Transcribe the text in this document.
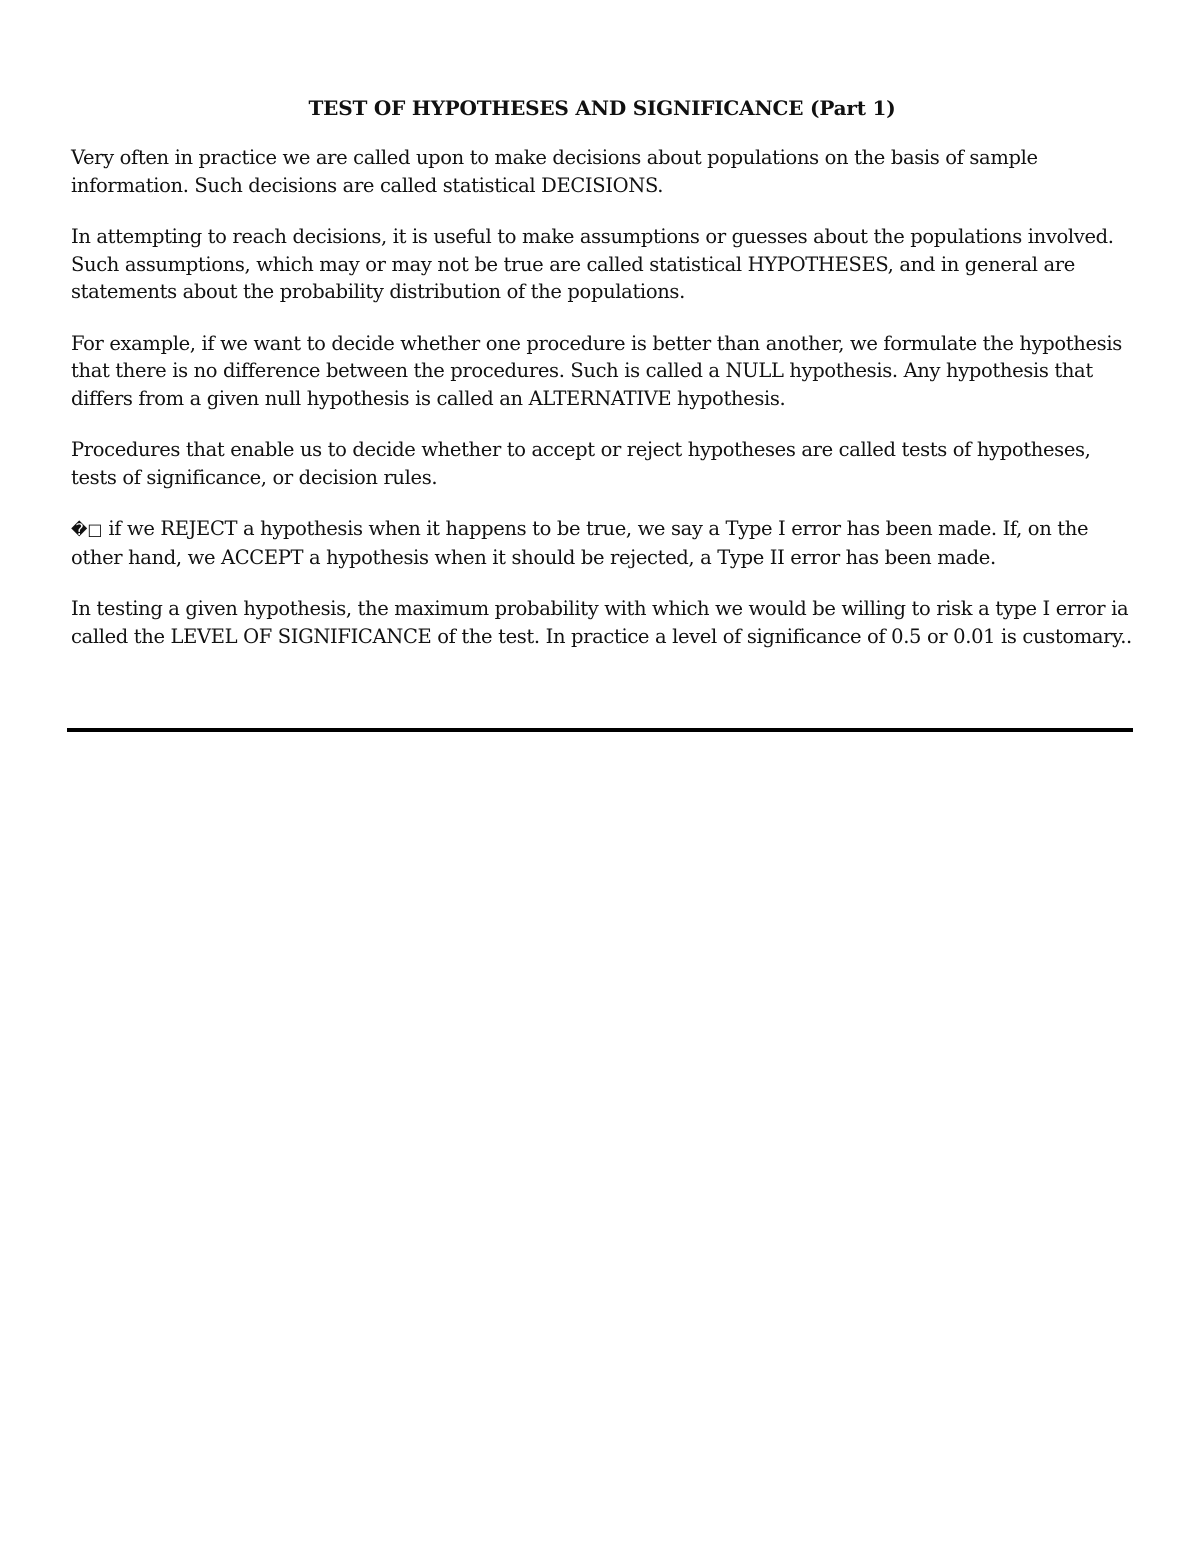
TEST OF HYPOTHESES AND SIGNIFICANCE (Part 1)

Very often in practice we are called upon to make decisions about populations on the basis of sample information. Such decisions are called statistical DECISIONS.

In attempting to reach decisions, it is useful to make assumptions or guesses about the populations involved. Such assumptions, which may or may not be true are called statistical HYPOTHESES, and in general are statements about the probability distribution of the populations.

For example, if we want to decide whether one procedure is better than another, we formulate the hypothesis that there is no difference between the procedures. Such is called a NULL hypothesis. Any hypothesis that differs from a given null hypothesis is called an ALTERNATIVE hypothesis.

Procedures that enable us to decide whether to accept or reject hypotheses are called tests of hypotheses, tests of significance, or decision rules.

�□ if we REJECT a hypothesis when it happens to be true, we say a Type I error has been made. If, on the other hand, we ACCEPT a hypothesis when it should be rejected, a Type II error has been made.

In testing a given hypothesis, the maximum probability with which we would be willing to risk a type I error ia called the LEVEL OF SIGNIFICANCE of the test. In practice a level of significance of 0.5 or 0.01 is customary..
